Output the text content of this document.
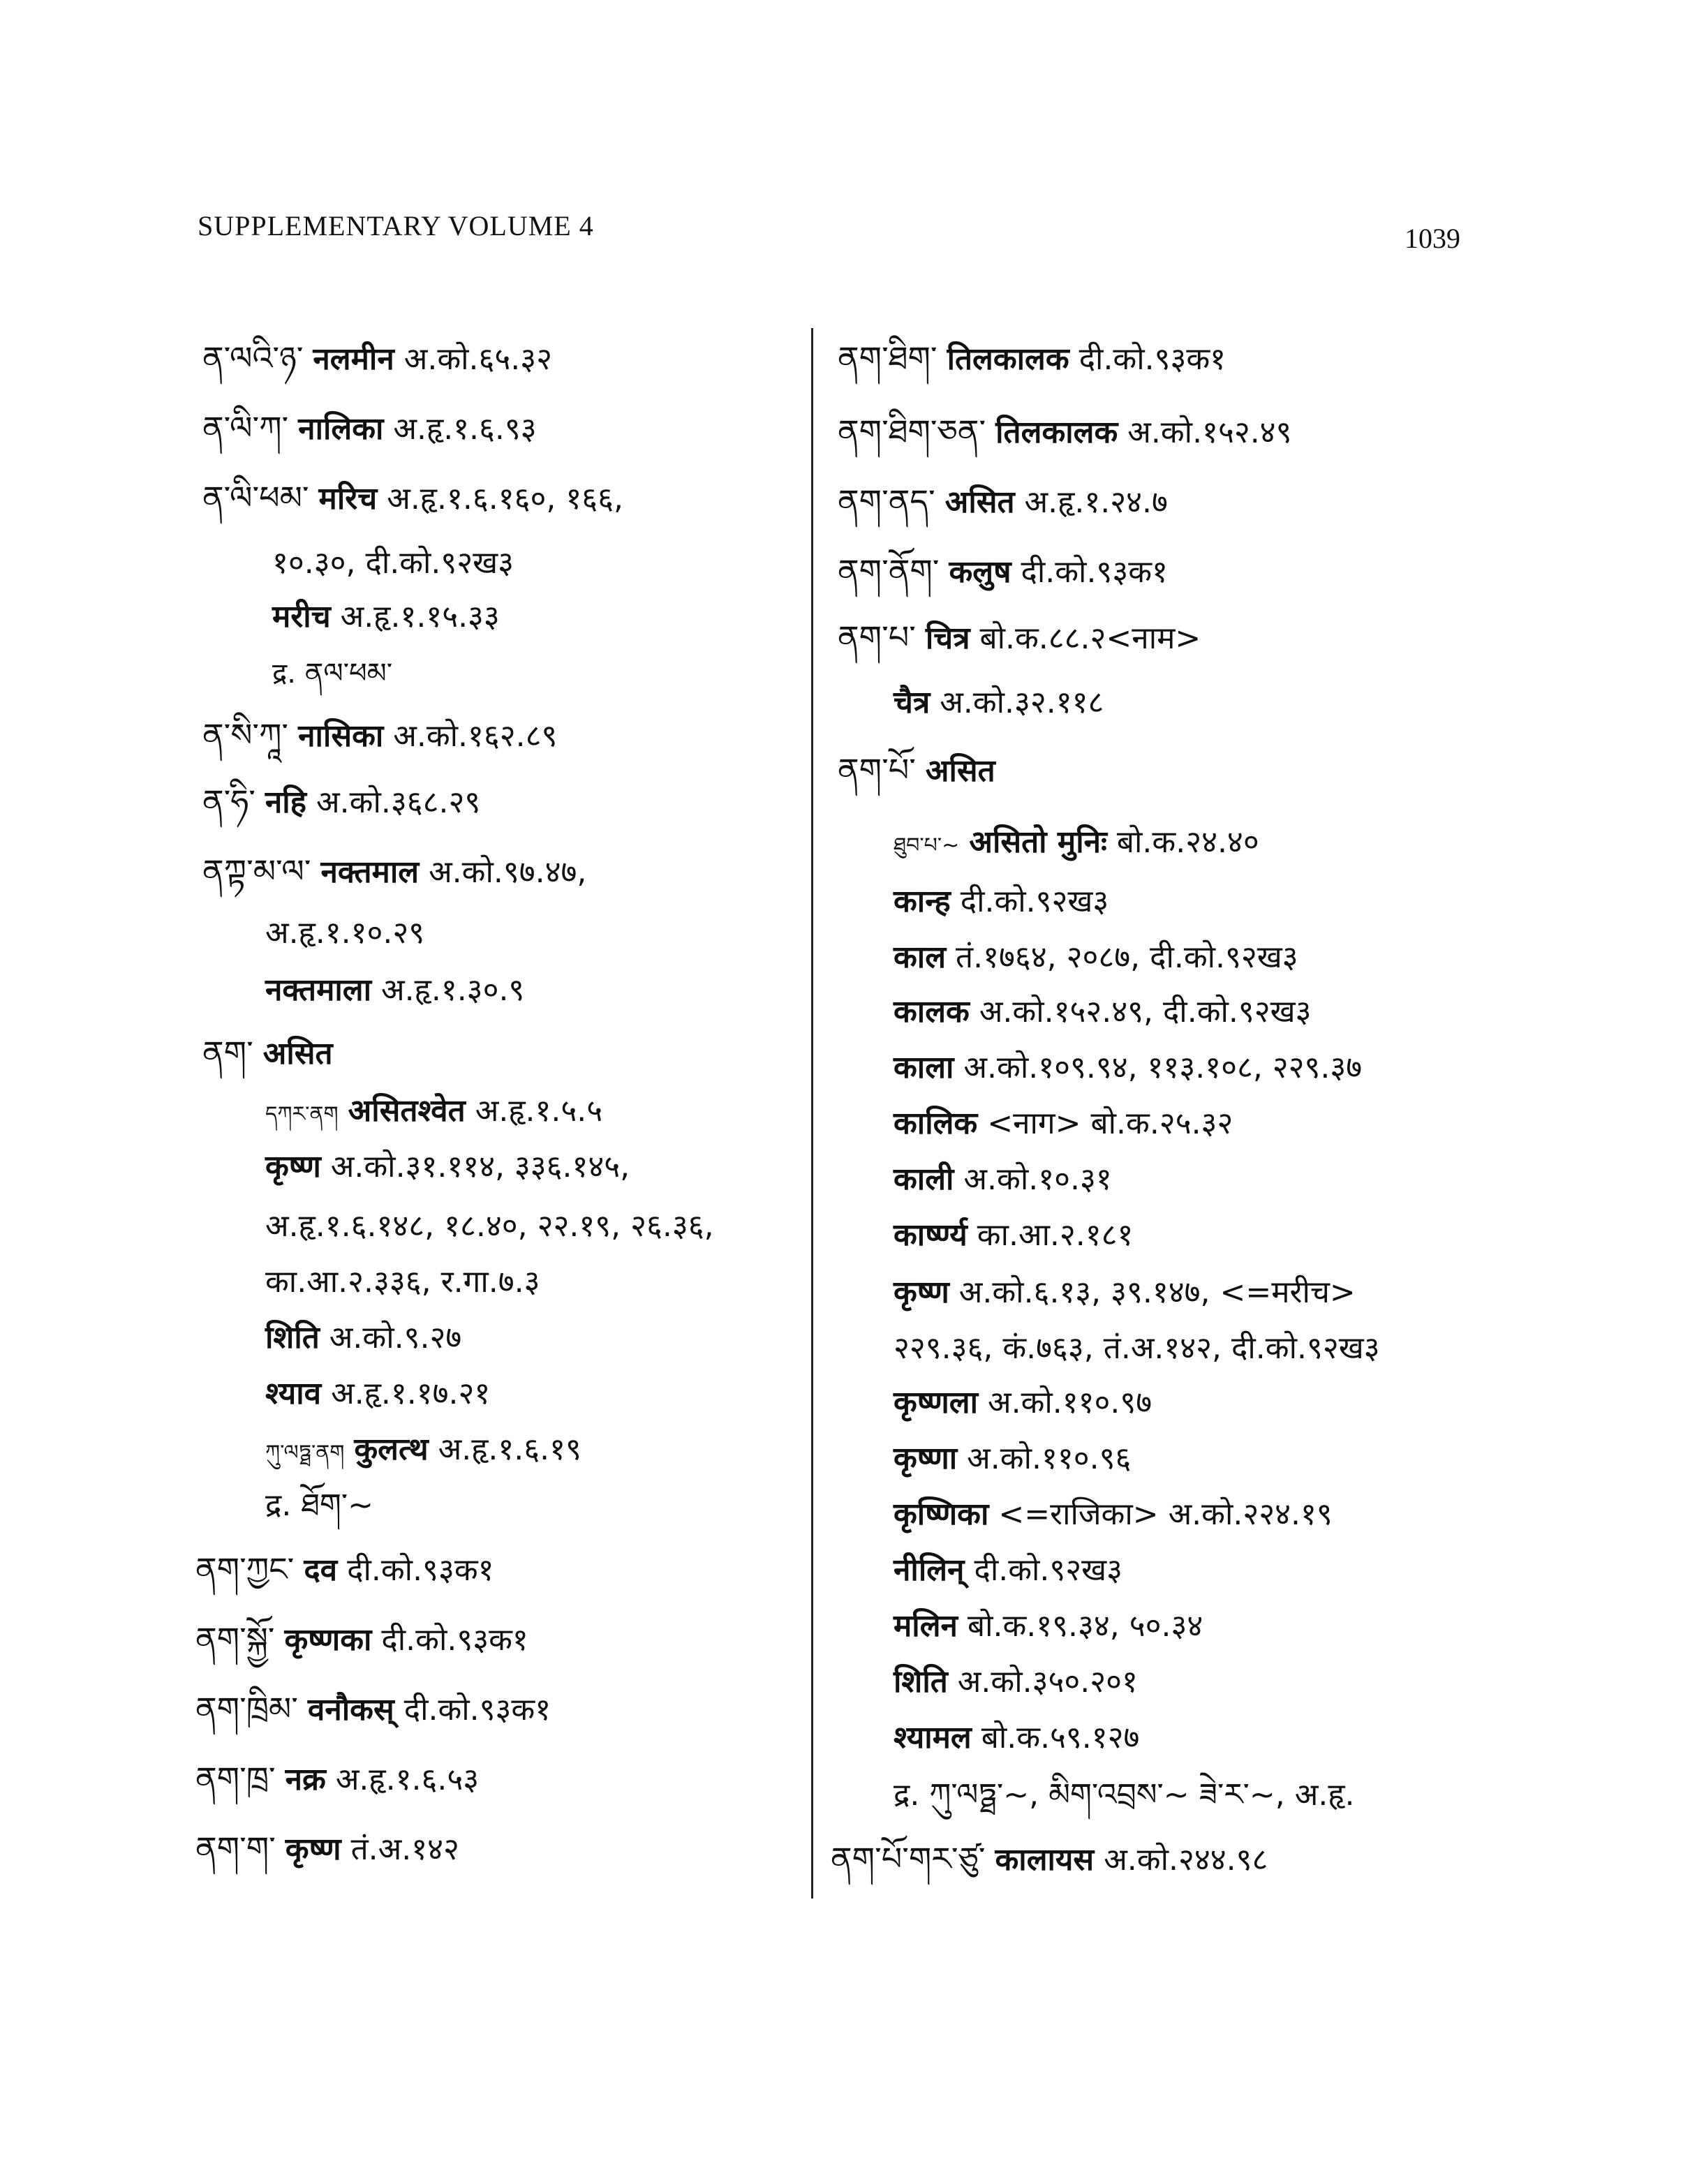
SUPPLEMENTARY VOLUME 4	1039
ན་ལའི་ཉ་ नलमीन अ.को.६५.३२
ན་ལི་ཀ་ नालिका अ.हृ.१.६.९३
ན་ལི་ཕམ་ मरिच अ.हृ.१.६.१६०, १६६,
१०.३०, दी.को.९२ख३
मरीच अ.हृ.१.१५.३३
द्र. ནལ་ཕམ་
ན་སི་ཀཱ་ नासिका अ.को.१६२.८९
ན་ཧི་ नहि अ.को.३६८.२९
ནཀྟ་མ་ལ་ नक्तमाल अ.को.९७.४७,
अ.हृ.१.१०.२९
नक्तमाला अ.हृ.१.३०.९
ནག་ असित
དཀར་ནག असितश्वेत अ.हृ.१.५.५
कृष्ण अ.को.३१.११४, ३३६.१४५,
अ.हृ.१.६.१४८, १८.४०, २२.१९, २६.३६,
का.आ.२.३३६, र.गा.७.३
शिति अ.को.९.२७
श्याव अ.हृ.१.१७.२१
ཀུ་ལཏྠ་ནག कुलत्थ अ.हृ.१.६.१९
द्र. ཐོག་~
ནག་ཀྱང་ दव दी.को.९३क१
ནག་སྐྱོ་ कृष्णका दी.को.९३क१
ནག་ཁྲིམ་ वनौकस् दी.को.९३क१
ནག་ཁྲ་ नक्र अ.हृ.१.६.५३
ནག་ག་ कृष्ण तं.अ.१४२
ནག་ཐིག་ तिलकालक दी.को.९३क१
ནག་ཐིག་ཅན་ तिलकालक अ.को.१५२.४९
ནག་ནད་ असित अ.हृ.१.२४.७
ནག་ནོག་ कलुष दी.को.९३क१
ནག་པ་ चित्र बो.क.८८.२<नाम>
चैत्र अ.को.३२.११८
ནག་པོ་ असित
ཐུབ་པ་~ असितो मुनिः बो.क.२४.४०
कान्ह दी.को.९२ख३
काल तं.१७६४, २०८७, दी.को.९२ख३
कालक अ.को.१५२.४९, दी.को.९२ख३
काला अ.को.१०९.९४, ११३.१०८, २२९.३७
कालिक <नाग> बो.क.२५.३२
काली अ.को.१०.३१
कार्ष्ण्य का.आ.२.१८१
कृष्ण अ.को.६.१३, ३९.१४७, <=मरीच>
२२९.३६, कं.७६३, तं.अ.१४२, दी.को.९२ख३
कृष्णला अ.को.११०.९७
कृष्णा अ.को.११०.९६
कृष्णिका <=राजिका> अ.को.२२४.१९
नीलिन् दी.को.९२ख३
मलिन बो.क.१९.३४, ५०.३४
शिति अ.को.३५०.२०१
श्यामल बो.क.५९.१२७
द्र. ཀུ་ལཏྠ་~, མིག་འབྲས་~ ཟེ་ར་~, अ.हृ.
ནག་པོ་གར་ཙུ་ कालायस अ.को.२४४.९८
